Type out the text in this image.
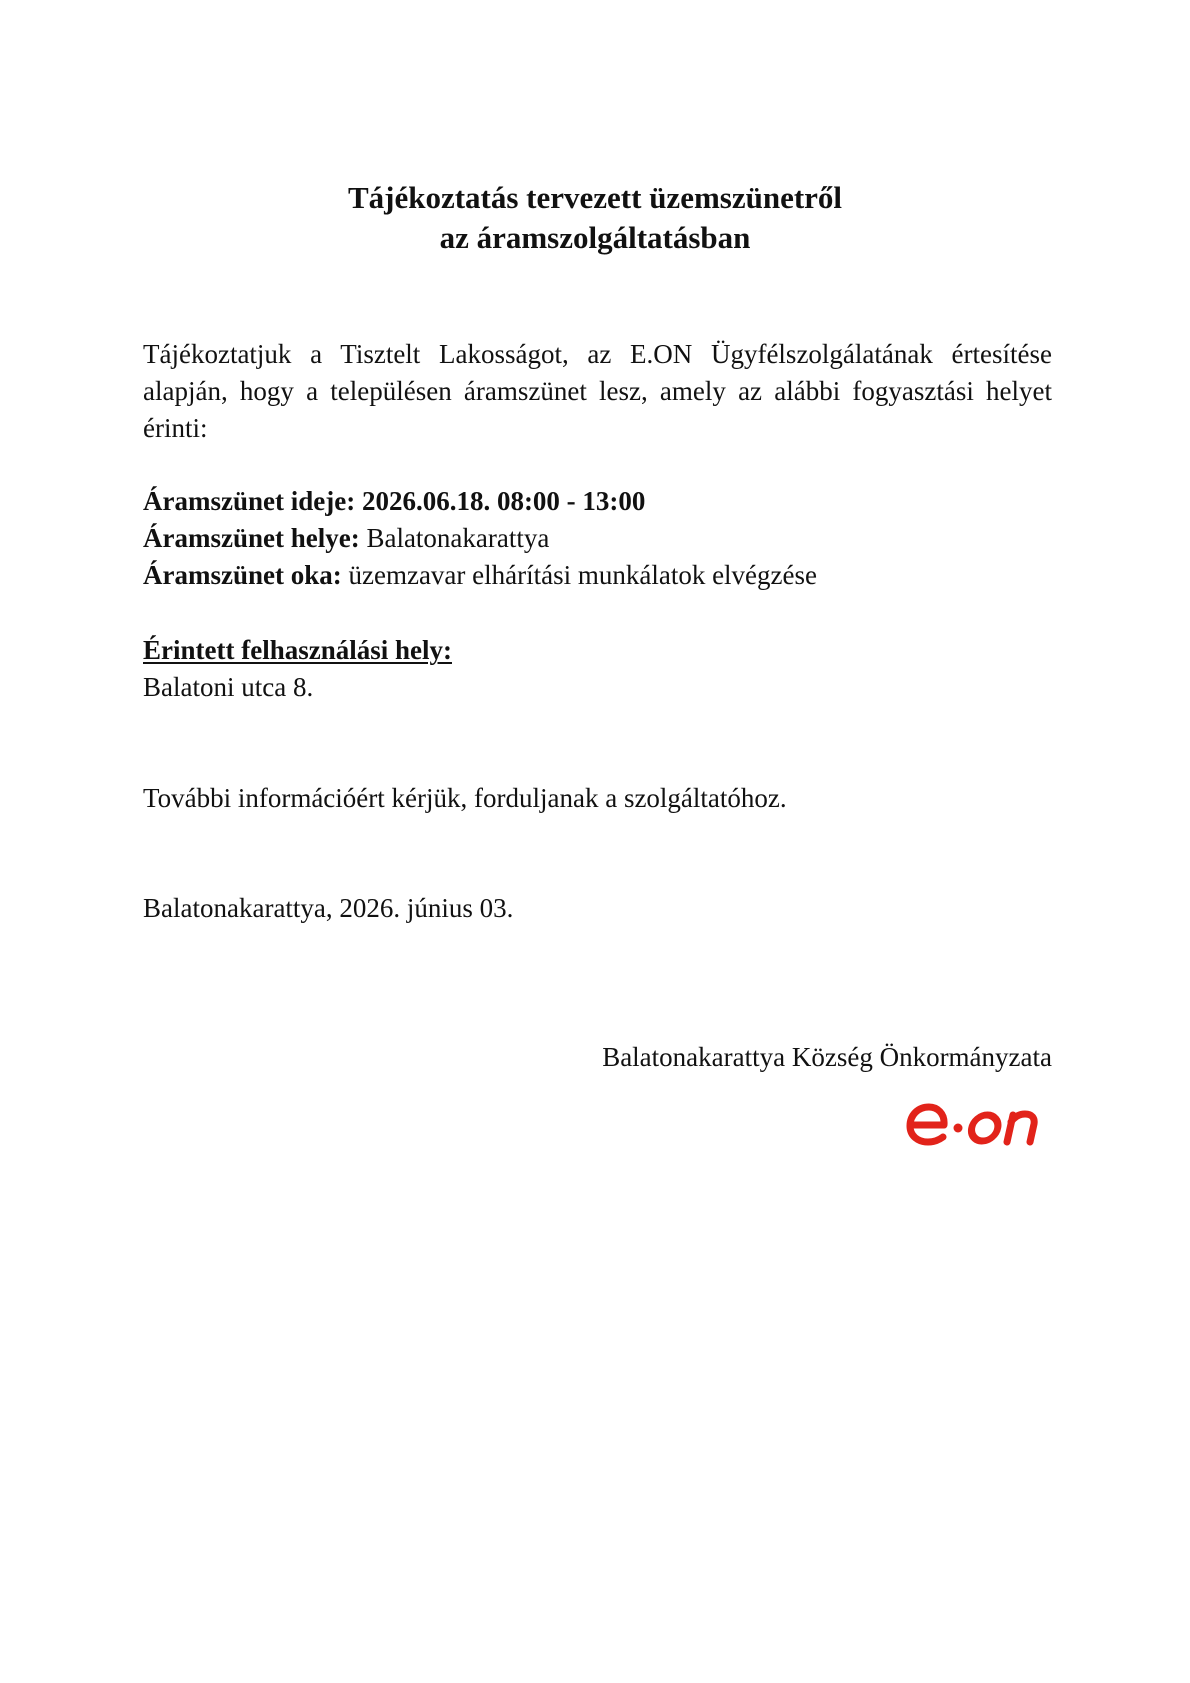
Tájékoztatás tervezett üzemszünetről
az áramszolgáltatásban
Tájékoztatjuk a Tisztelt Lakosságot, az E.ON Ügyfélszolgálatának értesítése alapján, hogy a településen áramszünet lesz, amely az alábbi fogyasztási helyet érinti:
Áramszünet ideje: 2026.06.18. 08:00 - 13:00
Áramszünet helye: Balatonakarattya
Áramszünet oka: üzemzavar elhárítási munkálatok elvégzése
Érintett felhasználási hely:
Balatoni utca 8.
További információért kérjük, forduljanak a szolgáltatóhoz.
Balatonakarattya, 2026. június 03.
Balatonakarattya Község Önkormányzata
